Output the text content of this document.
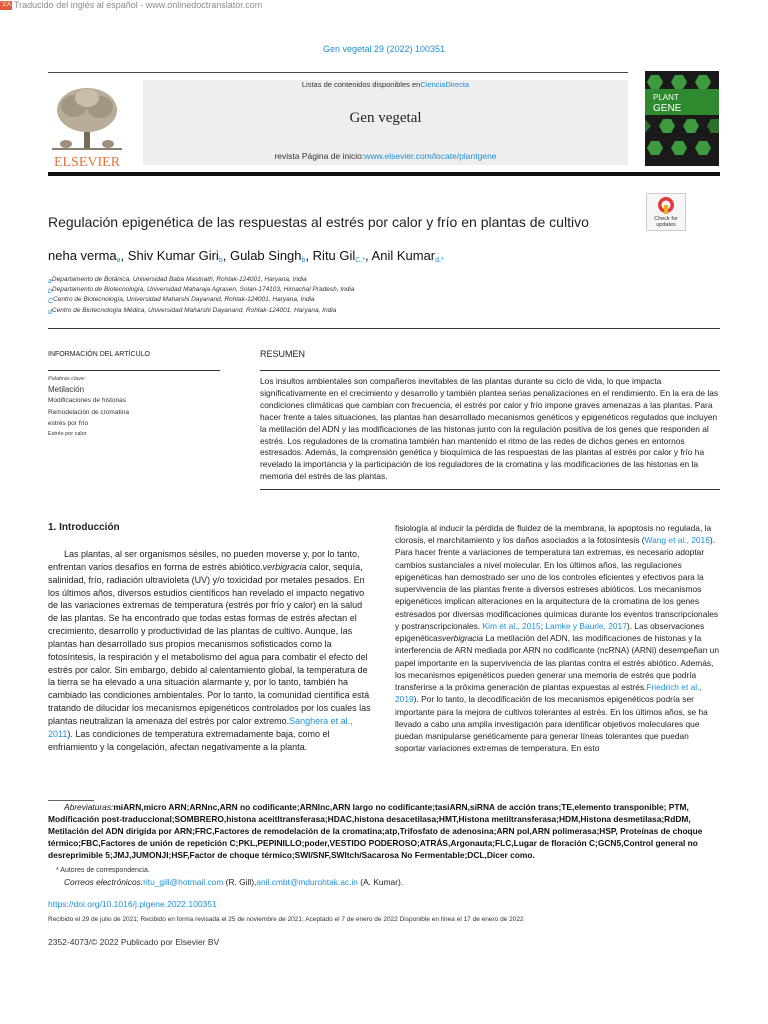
文A Traducido del inglés al español - www.onlinedoctranslator.com
Gen vegetal 29 (2022) 100351
ELSEVIER
Listas de contenidos disponibles enCienciaDirecta
Gen vegetal
revista Página de inicio:www.elsevier.com/locate/plantgene
PLANT
GENE
Regulación epigenética de las respuestas al estrés por calor y frío en plantas de cultivo	Check for
updates
neha verma$_a$, Shiv Kumar Giri$_b$, Gulab Singh$_b$, Ritu Gil$_{C,*}$, Anil Kumar$_{d,*}$
$_a$Departamento de Botánica, Universidad Baba Mastnath, Rohtak-124001, Haryana, India
$_b$Departamento de Biotecnología, Universidad Maharaja Agrasen, Solan-174103, Himachal Pradesh, India
$_C$Centro de Biotecnología, Universidad Maharshi Dayanand, Rohtak-124001, Haryana, India
$_d$Centro de Biotecnología Médica, Universidad Maharshi Dayanand, Rohtak-124001, Haryana, India
INFORMACIÓN DEL ARTÍCULO
Palabras clave:
Metilación
Modificaciones de histonas
Remodelación de cromatina
estrés por frío
Estrés por calor
RESUMEN
Los insultos ambientales son compañeros inevitables de las plantas durante su ciclo de vida, lo que impacta significativamente en el crecimiento y desarrollo y también plantea serias penalizaciones en el rendimiento. En la era de las condiciones climáticas que cambian con frecuencia, el estrés por calor y frío impone graves amenazas a las plantas. Para hacer frente a tales situaciones, las plantas han desarrollado mecanismos genéticos y epigenéticos regulados que incluyen la metilación del ADN y las modificaciones de las histonas junto con la regulación positiva de los genes que responden al estrés. Los reguladores de la cromatina también han mantenido el ritmo de las redes de dichos genes en entornos estresados. Además, la comprensión genética y bioquímica de las respuestas de las plantas al estrés por calor y frío ha revelado la importancia y la participación de los reguladores de la cromatina y las modificaciones de las histonas en la memoria del estrés de las plantas.
1. Introducción

Las plantas, al ser organismos sésiles, no pueden moverse y, por lo tanto, enfrentan varios desafíos en forma de estrés abiótico.verbigracia calor, sequía, salinidad, frío, radiación ultravioleta (UV) y/o toxicidad por metales pesados. En los últimos años, diversos estudios científicos han revelado el impacto negativo de las variaciones extremas de temperatura (estrés por frío y calor) en la salud de las plantas. Se ha encontrado que todas estas formas de estrés afectan el crecimiento, desarrollo y productividad de las plantas de cultivo. Aunque, las plantas han desarrollado sus propios mecanismos sofisticados como la fotosíntesis, la respiración y el metabolismo del agua para combatir el efecto del estrés por calor. Sin embargo, debido al calentamiento global, la temperatura de la tierra se ha elevado a una situación alarmante y, por lo tanto, también ha cambiado las condiciones ambientales. Por lo tanto, la comunidad científica está tratando de dilucidar los mecanismos epigenéticos controlados por los cuales las plantas neutralizan la amenaza del estrés por calor extremo.Sanghera et al., 2011). Las condiciones de temperatura extremadamente baja, como el enfriamiento y la congelación, afectan negativamente a la planta.

fisiología al inducir la pérdida de fluidez de la membrana, la apoptosis no regulada, la clorosis, el marchitamiento y los daños asociados a la fotosíntesis (Wang et al., 2016). Para hacer frente a variaciones de temperatura tan extremas, es necesario adoptar cambios sustanciales a nivel molecular. En los últimos años, las regulaciones epigenéticas han demostrado ser uno de los controles eficientes y efectivos para la supervivencia de las plantas frente a diversos estreses abióticos. Los mecanismos epigenéticos implican alteraciones en la arquitectura de la cromatina de los genes estresados por diversas modificaciones químicas durante los eventos transcripcionales y postranscripcionales. Kim et al., 2015; Lamke y Baurle, 2017). Las observaciones epigenéticasverbigracia La metilación del ADN, las modificaciones de histonas y la interferencia de ARN mediada por ARN no codificante (ncRNA) (ARNi) desempeñan un papel importante en la supervivencia de las plantas contra el estrés abiótico. Además, los mecanismos epigenéticos pueden generar una memoria de estrés que podría transferirse a la próxima generación de plantas expuestas al estrés.Friedrich et al., 2019). Por lo tanto, la decodificación de los mecanismos epigenéticos podría ser importante para la mejora de cultivos tolerantes al estrés. En los últimos años, se ha llevado a cabo una amplia investigación para identificar objetivos moleculares que puedan manipularse genéticamente para generar líneas tolerantes que puedan soportar variaciones extremas de temperatura. En esto
Abreviaturas:miARN,micro ARN;ARNnc,ARN no codificante;ARNlnc,ARN largo no codificante;tasiARN,siRNA de acción trans;TE,elemento transponible; PTM, Modificación post-traduccional;SOMBRERO,histona aceitltransferasa;HDAC,histona desacetilasa;HMT,Histona metiltransferasa;HDM,Histona desmetilasa;RdDM, Metilación del ADN dirigida por ARN;FRC,Factores de remodelación de la cromatina;atp,Trifosfato de adenosina;ARN pol,ARN polimerasa;HSP, Proteínas de choque térmico;FBC,Factores de unión de repetición C;PKL,PEPINILLO;poder,VESTIDO PODEROSO;ATRÁS,Argonauta;FLC,Lugar de floración C;GCN5,Control general no desreprimible 5;JMJ,JUMONJI;HSF,Factor de choque térmico;SWI/SNF,SWItch/Sacarosa No Fermentable;DCL,Dicer como.
* Autores de correspondencia.
Correos electrónicos:ritu_gill@hotmail.com (R. Gill),anil.cmbt@mdurohtak.ac.in (A. Kumar).
https://doi.org/10.1016/j.plgene.2022.100351
Recibido el 29 de julio de 2021; Recibido en forma revisada el 25 de noviembre de 2021; Aceptado el 7 de enero de 2022 Disponible en línea el 17 de enero de 2022
2352-4073/© 2022 Publicado por Elsevier BV
